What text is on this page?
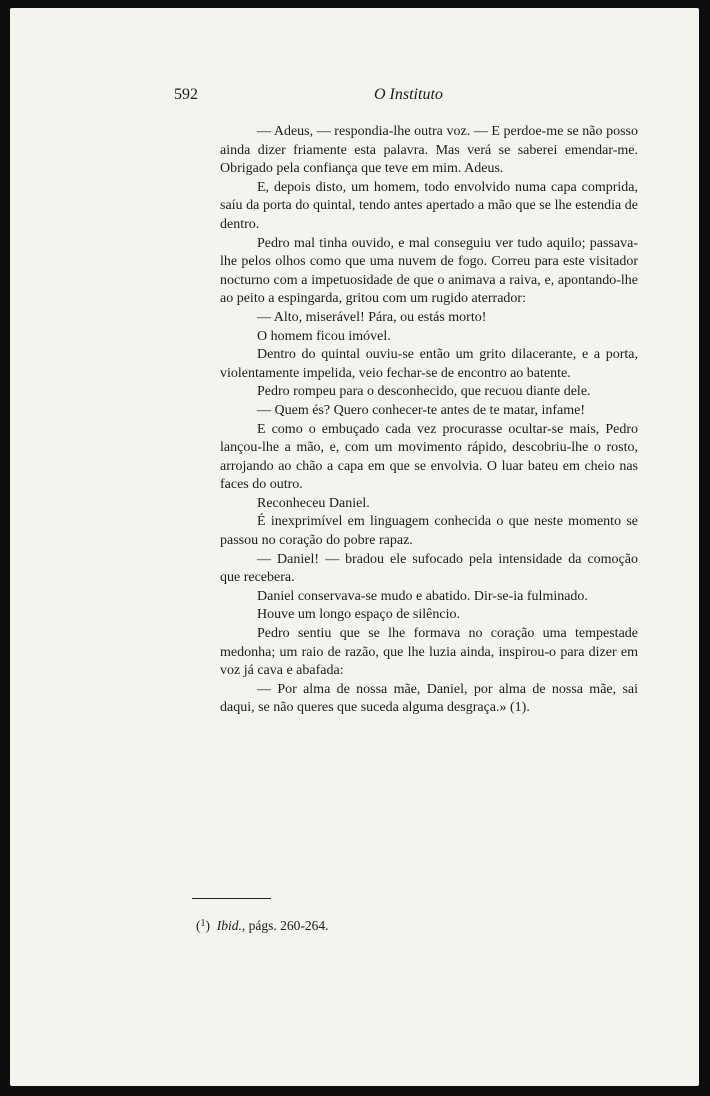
592	O Instituto

— Adeus, — respondia-lhe outra voz. — E perdoe-me se não posso ainda dizer friamente esta palavra. Mas verá se saberei emendar-me. Obrigado pela confiança que teve em mim. Adeus.

E, depois disto, um homem, todo envolvido numa capa comprida, saíu da porta do quintal, tendo antes apertado a mão que se lhe estendia de dentro.

Pedro mal tinha ouvido, e mal conseguiu ver tudo aquilo; passava-lhe pelos olhos como que uma nuvem de fogo. Correu para este visitador nocturno com a impetuosidade de que o animava a raiva, e, apontando-lhe ao peito a espingarda, gritou com um rugido aterrador:

— Alto, miserável! Pára, ou estás morto!

O homem ficou imóvel.

Dentro do quintal ouviu-se então um grito dilacerante, e a porta, violentamente impelida, veio fechar-se de encontro ao batente.

Pedro rompeu para o desconhecido, que recuou diante dele.

— Quem és? Quero conhecer-te antes de te matar, infame!

E como o embuçado cada vez procurasse ocultar-se mais, Pedro lançou-lhe a mão, e, com um movimento rápido, descobriu-lhe o rosto, arrojando ao chão a capa em que se envolvia. O luar bateu em cheio nas faces do outro.

Reconheceu Daniel.

É inexprimível em linguagem conhecida o que neste momento se passou no coração do pobre rapaz.

— Daniel! — bradou ele sufocado pela intensidade da comoção que recebera.

Daniel conservava-se mudo e abatido. Dir-se-ia fulminado.

Houve um longo espaço de silêncio.

Pedro sentiu que se lhe formava no coração uma tempestade medonha; um raio de razão, que lhe luzia ainda, inspirou-o para dizer em voz já cava e abafada:

— Por alma de nossa mãe, Daniel, por alma de nossa mãe, sai daqui, se não queres que suceda alguma desgraça.» (1).

($^1$)  Ibid., págs. 260-264.
